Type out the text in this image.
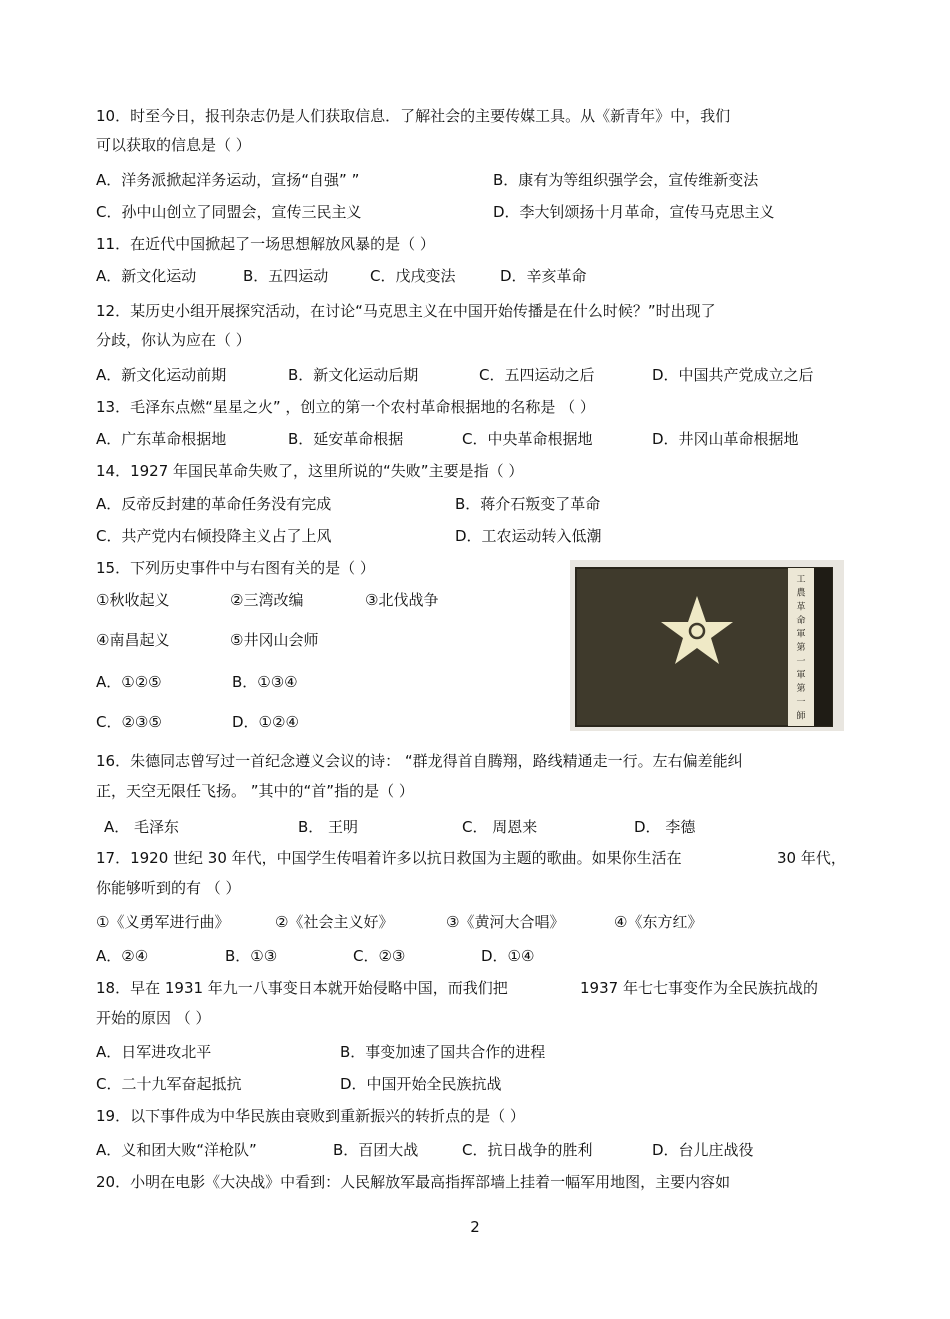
10．时至今日，报刊杂志仍是人们获取信息．了解社会的主要传媒工具。从《新青年》中，我们
可以获取的信息是（ ）
A．洋务派掀起洋务运动，宣扬“自强” ”	B．康有为等组织强学会，宣传维新变法
C．孙中山创立了同盟会，宣传三民主义	D．李大钊颂扬十月革命，宣传马克思主义
11．在近代中国掀起了一场思想解放风暴的是（ ）
A．新文化运动	B．五四运动	C．戊戌变法	D．辛亥革命
12．某历史小组开展探究活动，在讨论“马克思主义在中国开始传播是在什么时候？”时出现了
分歧，你认为应在（ ）
A．新文化运动前期	B．新文化运动后期	C．五四运动之后	D．中国共产党成立之后
13．毛泽东点燃“星星之火” ，创立的第一个农村革命根据地的名称是 （ ）
A．广东革命根据地	B．延安革命根据	C．中央革命根据地	D．井冈山革命根据地
14．1927 年国民革命失败了，这里所说的“失败”主要是指（ ）
A．反帝反封建的革命任务没有完成	B．蒋介石叛变了革命
C．共产党内右倾投降主义占了上风	D．工农运动转入低潮
15．下列历史事件中与右图有关的是（ ）
①秋收起义	②三湾改编	③北伐战争
④南昌起义	⑤井冈山会师
A．①②⑤	B．①③④
C．②③⑤	D．①②④
工農革命軍第一軍第一師
16．朱德同志曾写过一首纪念遵义会议的诗： “群龙得首自腾翔，路线精通走一行。左右偏差能纠
正，天空无限任飞扬。 ”其中的“首”指的是（ ）
A． 毛泽东	B． 王明	C． 周恩来	D． 李德
17．1920 世纪 30 年代，中国学生传唱着许多以抗日救国为主题的歌曲。如果你生活在	30 年代，
你能够听到的有 （ ）
①《义勇军进行曲》	②《社会主义好》	③《黄河大合唱》	④《东方红》
A．②④	B．①③	C．②③	D．①④
18．早在 1931 年九一八事变日本就开始侵略中国，而我们把	1937 年七七事变作为全民族抗战的
开始的原因 （ ）
A．日军进攻北平	B．事变加速了国共合作的进程
C．二十九军奋起抵抗	D．中国开始全民族抗战
19．以下事件成为中华民族由衰败到重新振兴的转折点的是（ ）
A．义和团大败“洋枪队”	B．百团大战	C．抗日战争的胜利	D．台儿庄战役
20．小明在电影《大决战》中看到：人民解放军最高指挥部墙上挂着一幅军用地图，主要内容如
2
